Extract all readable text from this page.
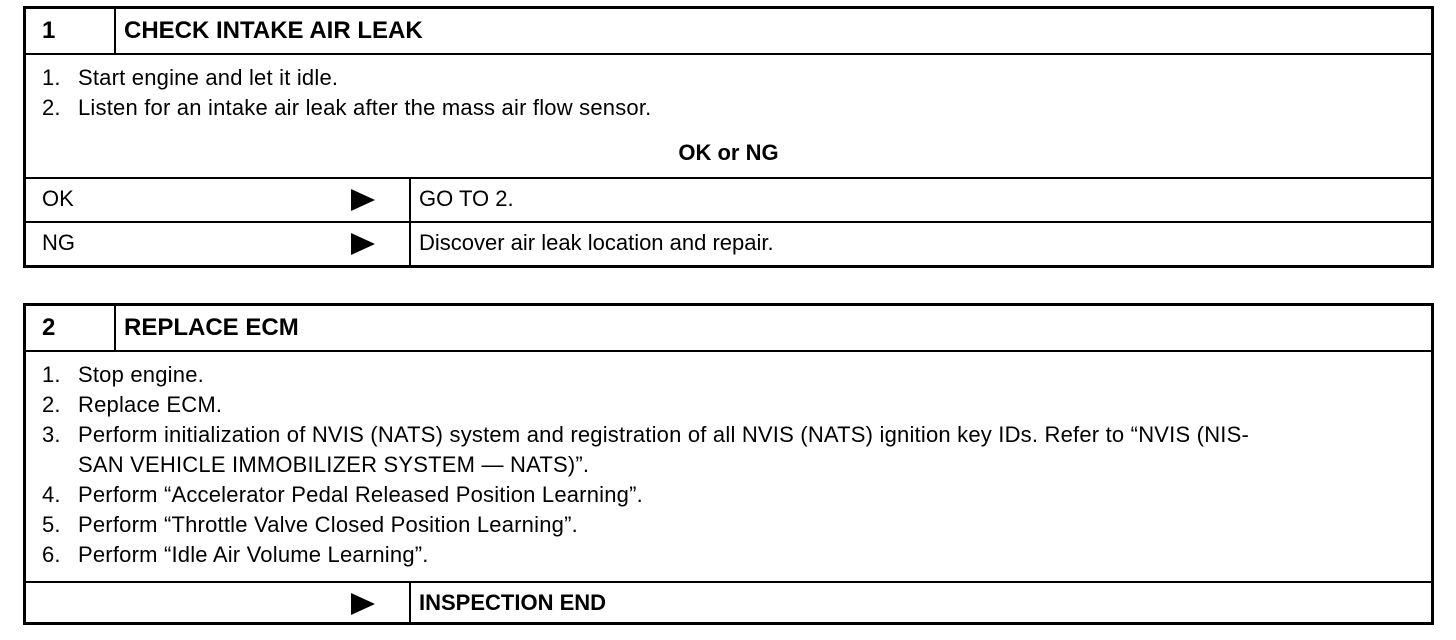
1	CHECK INTAKE AIR LEAK
1. Start engine and let it idle.
2. Listen for an intake air leak after the mass air flow sensor.
OK or NG
OK	GO TO 2.
NG	Discover air leak location and repair.
2	REPLACE ECM
1. Stop engine.
2. Replace ECM.
3. Perform initialization of NVIS (NATS) system and registration of all NVIS (NATS) ignition key IDs. Refer to “NVIS (NIS-
SAN VEHICLE IMMOBILIZER SYSTEM — NATS)”.
4. Perform “Accelerator Pedal Released Position Learning”.
5. Perform “Throttle Valve Closed Position Learning”.
6. Perform “Idle Air Volume Learning”.
INSPECTION END
